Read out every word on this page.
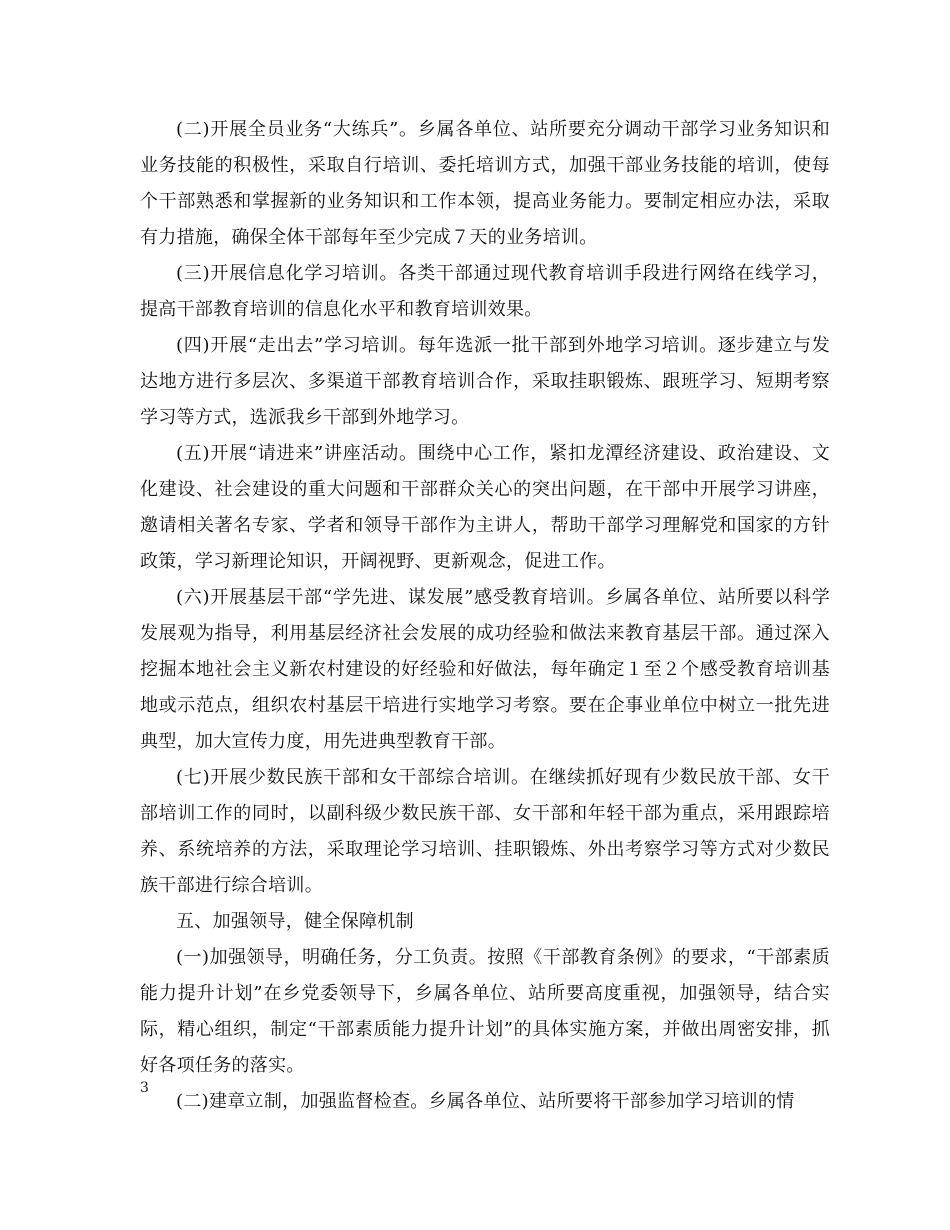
(二)开展全员业务“大练兵”。乡属各单位、站所要充分调动干部学习业务知识和业务技能的积极性，采取自行培训、委托培训方式，加强干部业务技能的培训，使每个干部熟悉和掌握新的业务知识和工作本领，提高业务能力。要制定相应办法，采取有力措施，确保全体干部每年至少完成７天的业务培训。

(三)开展信息化学习培训。各类干部通过现代教育培训手段进行网络在线学习，提高干部教育培训的信息化水平和教育培训效果。

(四)开展“走出去”学习培训。每年选派一批干部到外地学习培训。逐步建立与发达地方进行多层次、多渠道干部教育培训合作，采取挂职锻炼、跟班学习、短期考察学习等方式，选派我乡干部到外地学习。

(五)开展“请进来”讲座活动。围绕中心工作，紧扣龙潭经济建设、政治建设、文化建设、社会建设的重大问题和干部群众关心的突出问题，在干部中开展学习讲座，邀请相关著名专家、学者和领导干部作为主讲人，帮助干部学习理解党和国家的方针政策，学习新理论知识，开阔视野、更新观念，促进工作。

(六)开展基层干部“学先进、谋发展”感受教育培训。乡属各单位、站所要以科学发展观为指导，利用基层经济社会发展的成功经验和做法来教育基层干部。通过深入挖掘本地社会主义新农村建设的好经验和好做法，每年确定１至２个感受教育培训基地或示范点，组织农村基层干培进行实地学习考察。要在企事业单位中树立一批先进典型，加大宣传力度，用先进典型教育干部。

(七)开展少数民族干部和女干部综合培训。在继续抓好现有少数民放干部、女干部培训工作的同时，以副科级少数民族干部、女干部和年轻干部为重点，采用跟踪培养、系统培养的方法，采取理论学习培训、挂职锻炼、外出考察学习等方式对少数民族干部进行综合培训。

五、加强领导，健全保障机制

(一)加强领导，明确任务，分工负责。按照《干部教育条例》的要求，“干部素质能力提升计划”在乡党委领导下，乡属各单位、站所要高度重视，加强领导，结合实际，精心组织，制定“干部素质能力提升计划”的具体实施方案，并做出周密安排，抓好各项任务的落实。

(二)建章立制，加强监督检查。乡属各单位、站所要将干部参加学习培训的情

3
